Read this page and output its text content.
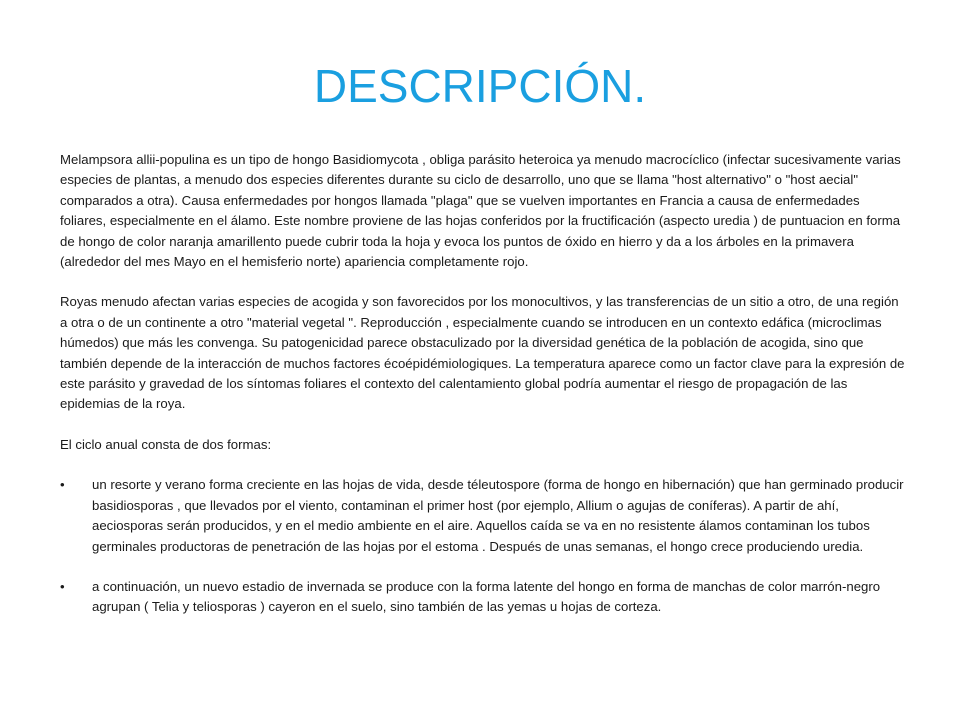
DESCRIPCIÓN.

Melampsora allii-populina es un tipo de hongo Basidiomycota , obliga parásito heteroica ya menudo macrocíclico (infectar sucesivamente varias especies de plantas, a menudo dos especies diferentes durante su ciclo de desarrollo, uno que se llama "host alternativo" o "host aecial" comparados a otra). Causa enfermedades por hongos llamada "plaga" que se vuelven importantes en Francia a causa de enfermedades foliares, especialmente en el álamo. Este nombre proviene de las hojas conferidos por la fructificación (aspecto uredia ) de puntuacion en forma de hongo de color naranja amarillento puede cubrir toda la hoja y evoca los puntos de óxido en hierro y da a los árboles en la primavera (alrededor del mes Mayo en el hemisferio norte) apariencia completamente rojo.

Royas menudo afectan varias especies de acogida y son favorecidos por los monocultivos, y las transferencias de un sitio a otro, de una región a otra o de un continente a otro "material vegetal ". Reproducción , especialmente cuando se introducen en un contexto edáfica (microclimas húmedos) que más les convenga. Su patogenicidad parece obstaculizado por la diversidad genética de la población de acogida, sino que también depende de la interacción de muchos factores écoépidémiologiques. La temperatura aparece como un factor clave para la expresión de este parásito y gravedad de los síntomas foliares el contexto del calentamiento global podría aumentar el riesgo de propagación de las epidemias de la roya.

El ciclo anual consta de dos formas:

• un resorte y verano forma creciente en las hojas de vida, desde téleutospore (forma de hongo en hibernación) que han germinado producir basidiosporas , que llevados por el viento, contaminan el primer host (por ejemplo, Allium o agujas de coníferas). A partir de ahí, aeciosporas serán producidos, y en el medio ambiente en el aire. Aquellos caída se va en no resistente álamos contaminan los tubos germinales productoras de penetración de las hojas por el estoma . Después de unas semanas, el hongo crece produciendo uredia.
• a continuación, un nuevo estadio de invernada se produce con la forma latente del hongo en forma de manchas de color marrón-negro agrupan ( Telia y teliosporas ) cayeron en el suelo, sino también de las yemas u hojas de corteza.
